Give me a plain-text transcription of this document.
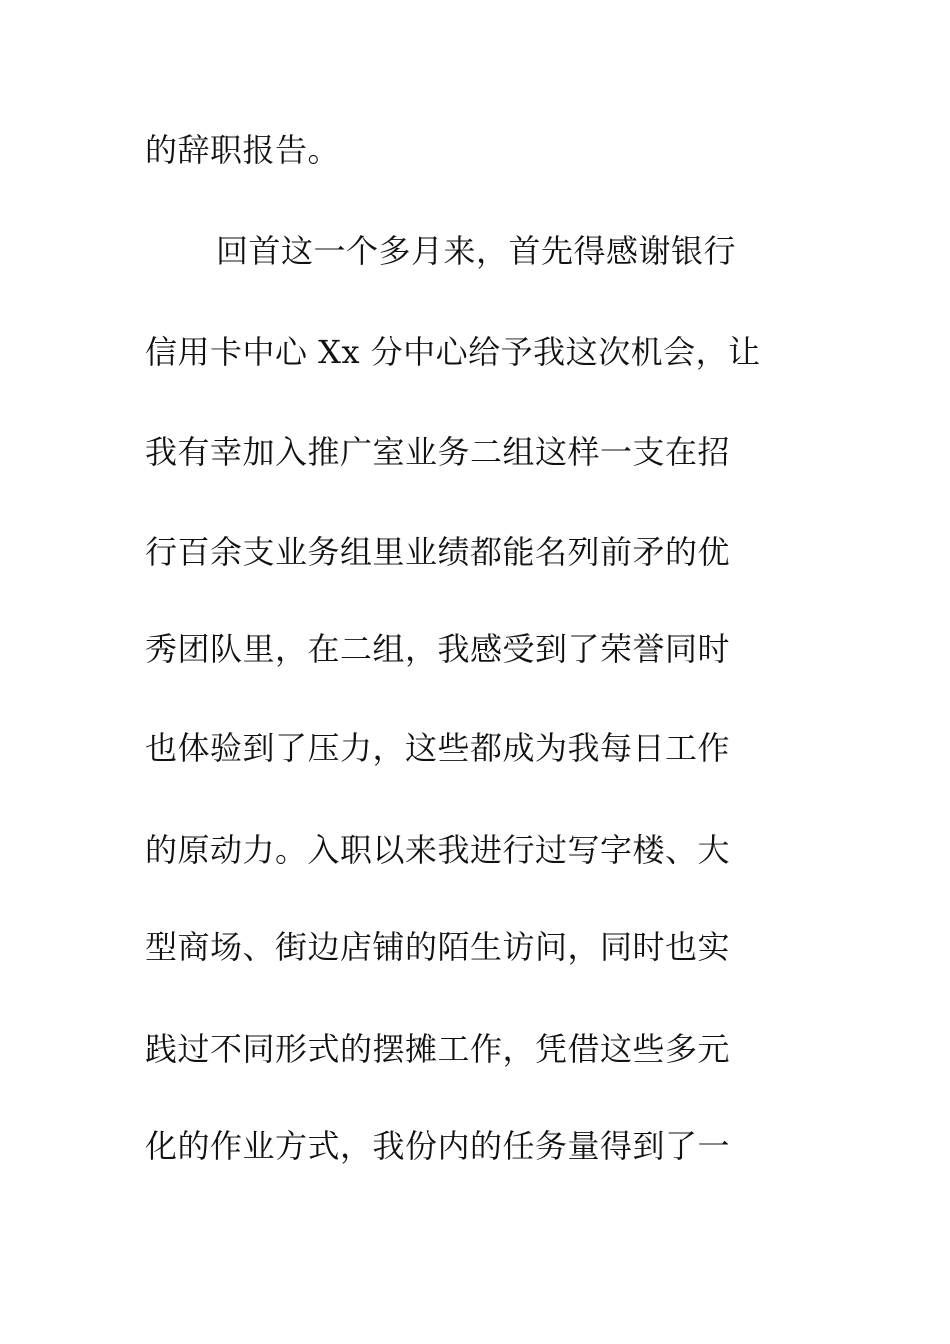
的辞职报告。
回首这一个多月来，首先得感谢银行
信用卡中心 Xx 分中心给予我这次机会，让
我有幸加入推广室业务二组这样一支在招
行百余支业务组里业绩都能名列前矛的优
秀团队里，在二组，我感受到了荣誉同时
也体验到了压力，这些都成为我每日工作
的原动力。入职以来我进行过写字楼、大
型商场、街边店铺的陌生访问，同时也实
践过不同形式的摆摊工作，凭借这些多元
化的作业方式，我份内的任务量得到了一
